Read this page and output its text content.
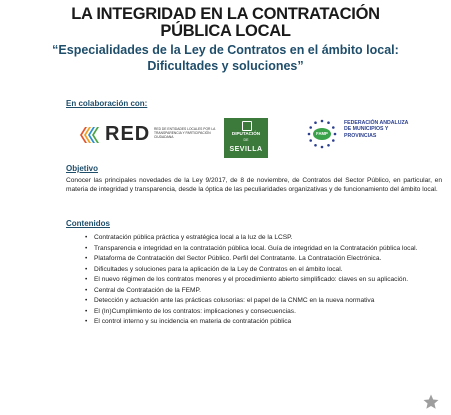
LA INTEGRIDAD EN LA CONTRATACIÓN
PÚBLICA LOCAL
“Especialidades de la Ley de Contratos en el ámbito local:
Dificultades y soluciones”
En colaboración con:
RED RED DE ENTIDADES LOCALES POR LA TRANSPARENCIA Y PARTICIPACIÓN CIUDADANA
DIPUTACIÓN
DE
SEVILLA
FAMP
FEDERACIÓN ANDALUZA DE MUNICIPIOS Y PROVINCIAS
Objetivo
Conocer las principales novedades de la Ley 9/2017, de 8 de noviembre, de Contratos del Sector Público, en particular, en materia de integridad y transparencia, desde la óptica de las peculiaridades organizativas y de funcionamiento del ámbito local.
Contenidos
• Contratación pública práctica y estratégica local a la luz de la LCSP.
• Transparencia e integridad en la contratación pública local. Guía de integridad en la Contratación pública local.
• Plataforma de Contratación del Sector Público. Perfil del Contratante. La Contratación Electrónica.
• Dificultades y soluciones para la aplicación de la Ley de Contratos en el ámbito local.
• El nuevo régimen de los contratos menores y el procedimiento abierto simplificado: claves en su aplicación.
• Central de Contratación de la FEMP.
• Detección y actuación ante las prácticas colusorias: el papel de la CNMC en la nueva normativa
• El (In)Cumplimiento de los contratos: implicaciones y consecuencias.
• El control interno y su incidencia en materia de contratación pública
